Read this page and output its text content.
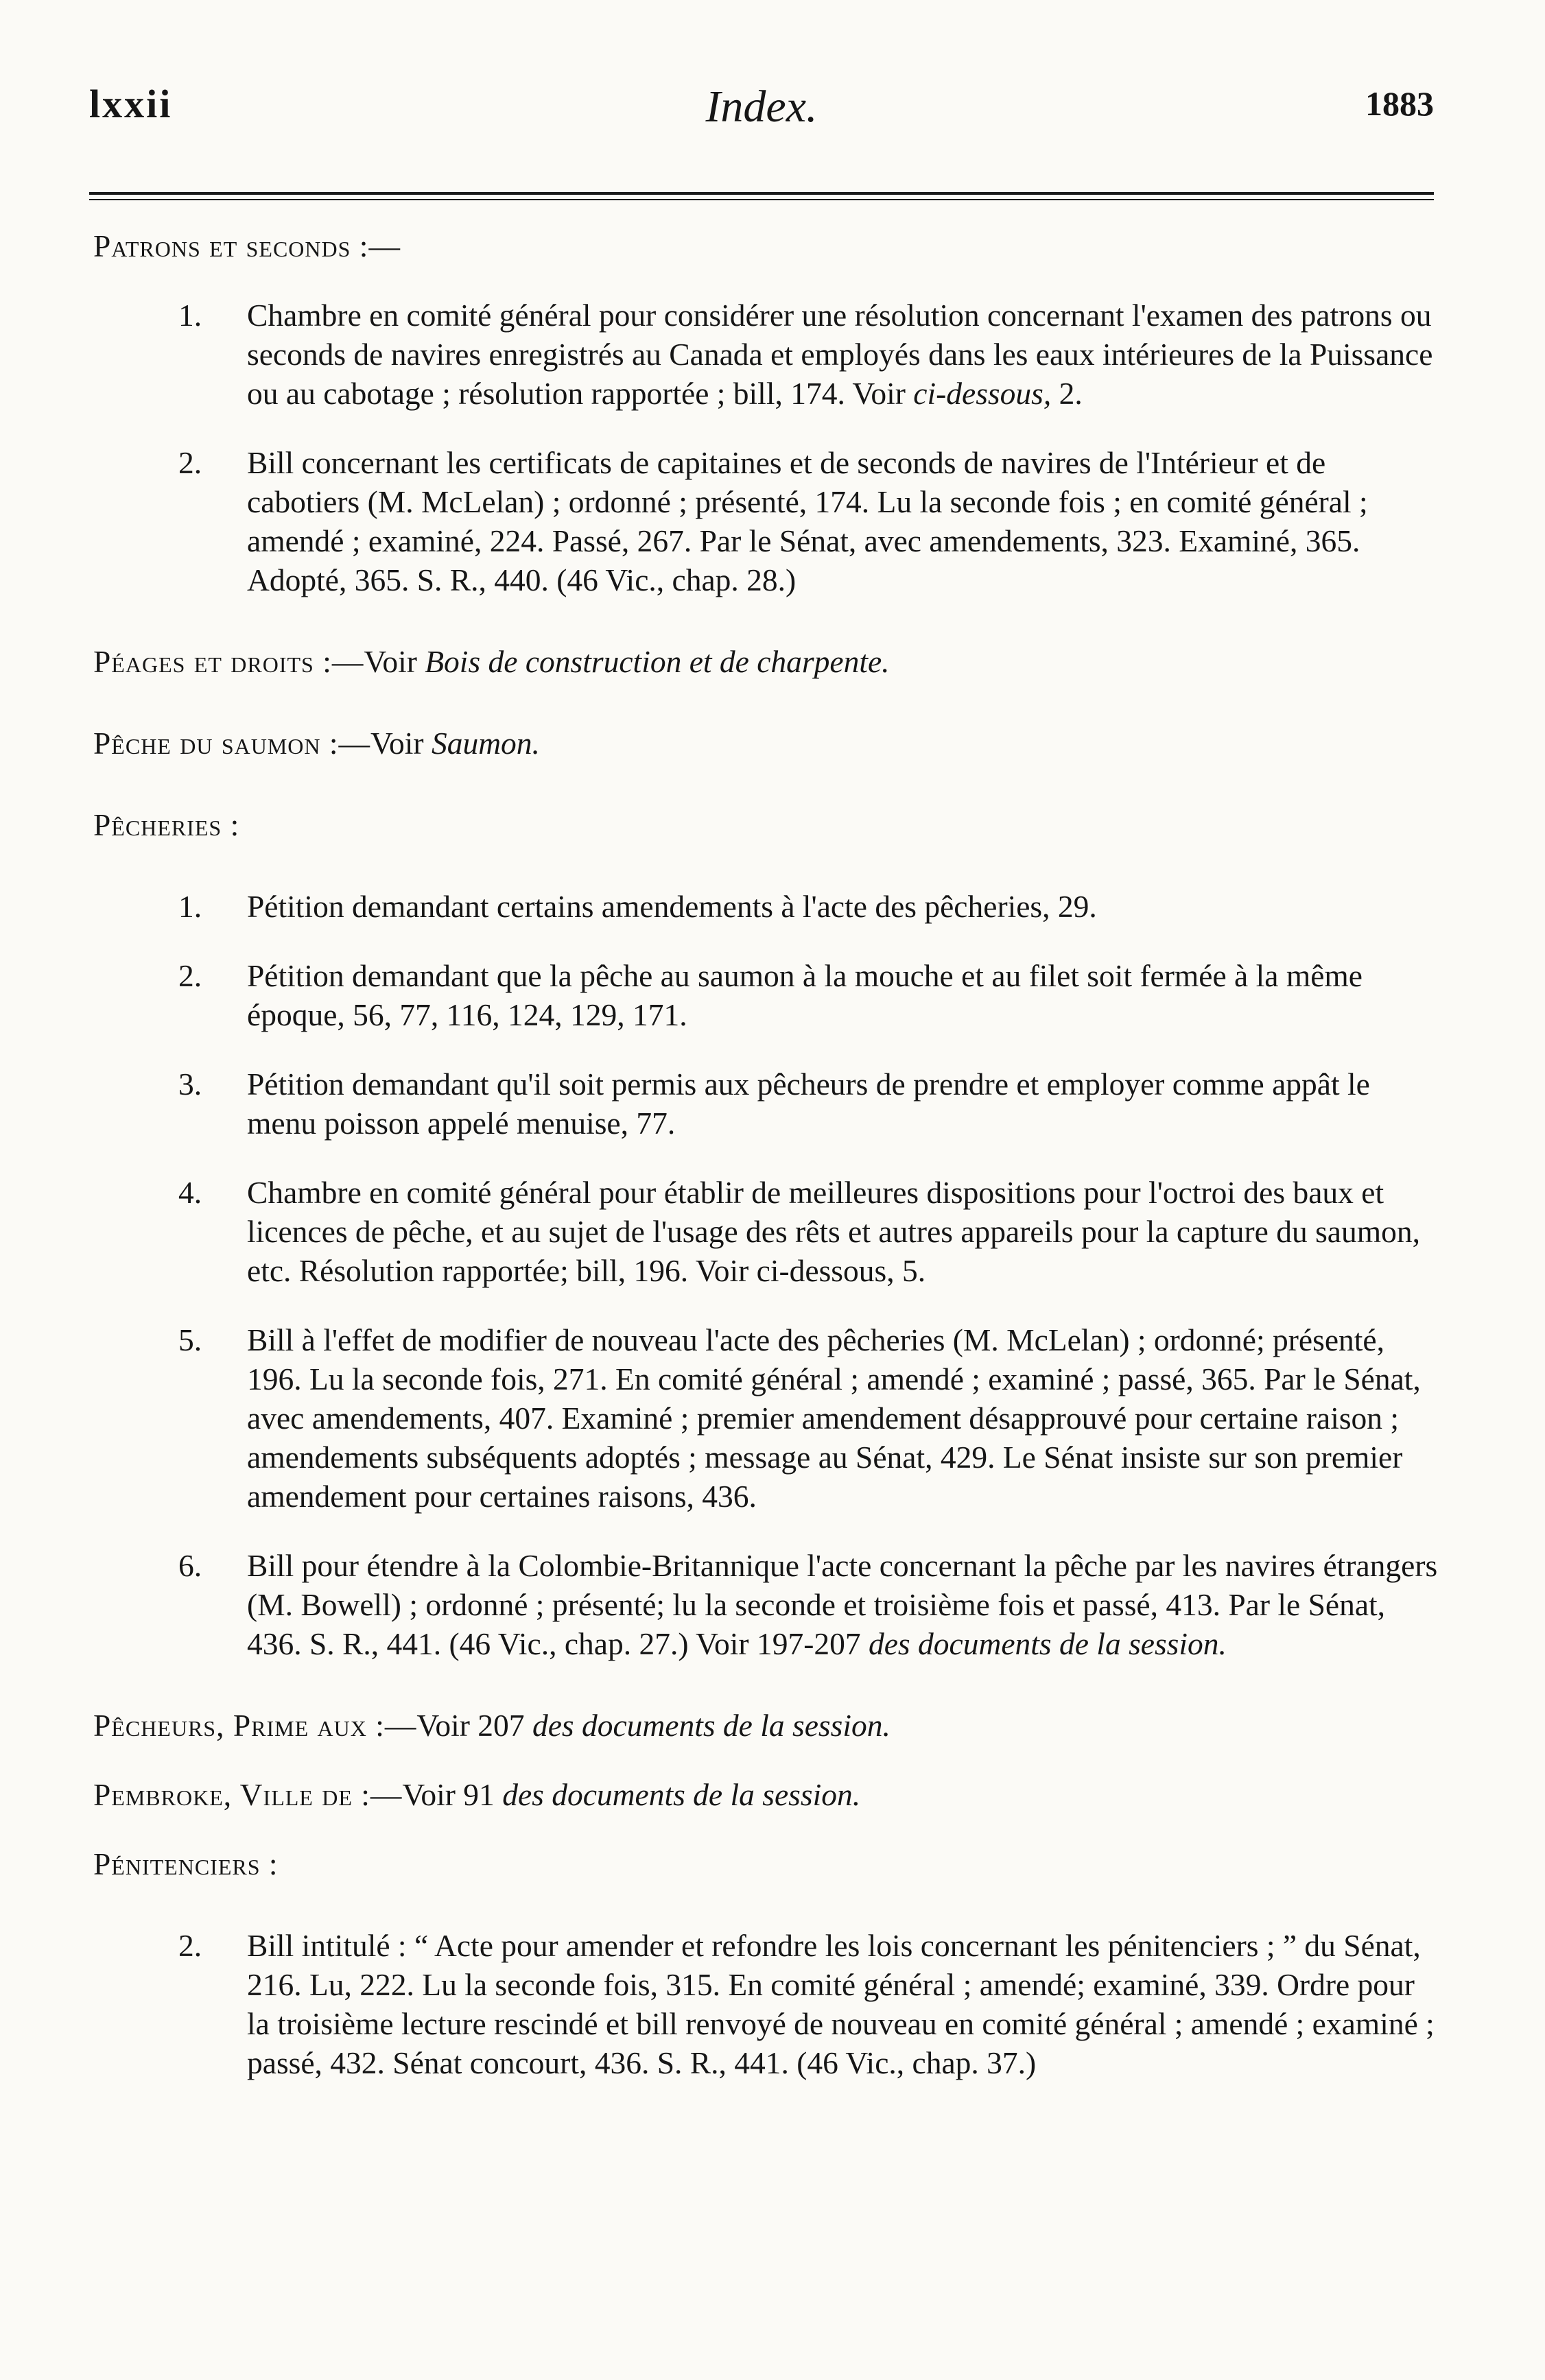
lxxii	Index.	1883

Patrons et seconds :—

1. Chambre en comité général pour considérer une résolution concernant l'examen des patrons ou seconds de navires enregistrés au Canada et employés dans les eaux intérieures de la Puissance ou au cabotage ; résolution rapportée ; bill, 174. Voir ci-dessous, 2.

2. Bill concernant les certificats de capitaines et de seconds de navires de l'Intérieur et de cabotiers (M. McLelan) ; ordonné ; présenté, 174. Lu la seconde fois ; en comité général ; amendé ; examiné, 224. Passé, 267. Par le Sénat, avec amendements, 323. Examiné, 365. Adopté, 365. S. R., 440. (46 Vic., chap. 28.)

Péages et droits :—Voir Bois de construction et de charpente.

Pêche du saumon :—Voir Saumon.

Pêcheries :

1. Pétition demandant certains amendements à l'acte des pêcheries, 29.

2. Pétition demandant que la pêche au saumon à la mouche et au filet soit fermée à la même époque, 56, 77, 116, 124, 129, 171.

3. Pétition demandant qu'il soit permis aux pêcheurs de prendre et employer comme appât le menu poisson appelé menuise, 77.

4. Chambre en comité général pour établir de meilleures dispositions pour l'octroi des baux et licences de pêche, et au sujet de l'usage des rêts et autres appareils pour la capture du saumon, etc. Résolution rapportée; bill, 196. Voir ci-dessous, 5.

5. Bill à l'effet de modifier de nouveau l'acte des pêcheries (M. McLelan) ; ordonné; présenté, 196. Lu la seconde fois, 271. En comité général ; amendé ; examiné ; passé, 365. Par le Sénat, avec amendements, 407. Examiné ; premier amendement désapprouvé pour certaine raison ; amendements subséquents adoptés ; message au Sénat, 429. Le Sénat insiste sur son premier amendement pour certaines raisons, 436.

6. Bill pour étendre à la Colombie-Britannique l'acte concernant la pêche par les navires étrangers (M. Bowell) ; ordonné ; présenté; lu la seconde et troisième fois et passé, 413. Par le Sénat, 436. S. R., 441. (46 Vic., chap. 27.) Voir 197-207 des documents de la session.

Pêcheurs, Prime aux :—Voir 207 des documents de la session.

Pembroke, Ville de :—Voir 91 des documents de la session.

Pénitenciers :

2. Bill intitulé : “ Acte pour amender et refondre les lois concernant les pénitenciers ; ” du Sénat, 216. Lu, 222. Lu la seconde fois, 315. En comité général ; amendé; examiné, 339. Ordre pour la troisième lecture rescindé et bill renvoyé de nouveau en comité général ; amendé ; examiné ; passé, 432. Sénat concourt, 436. S. R., 441. (46 Vic., chap. 37.)
